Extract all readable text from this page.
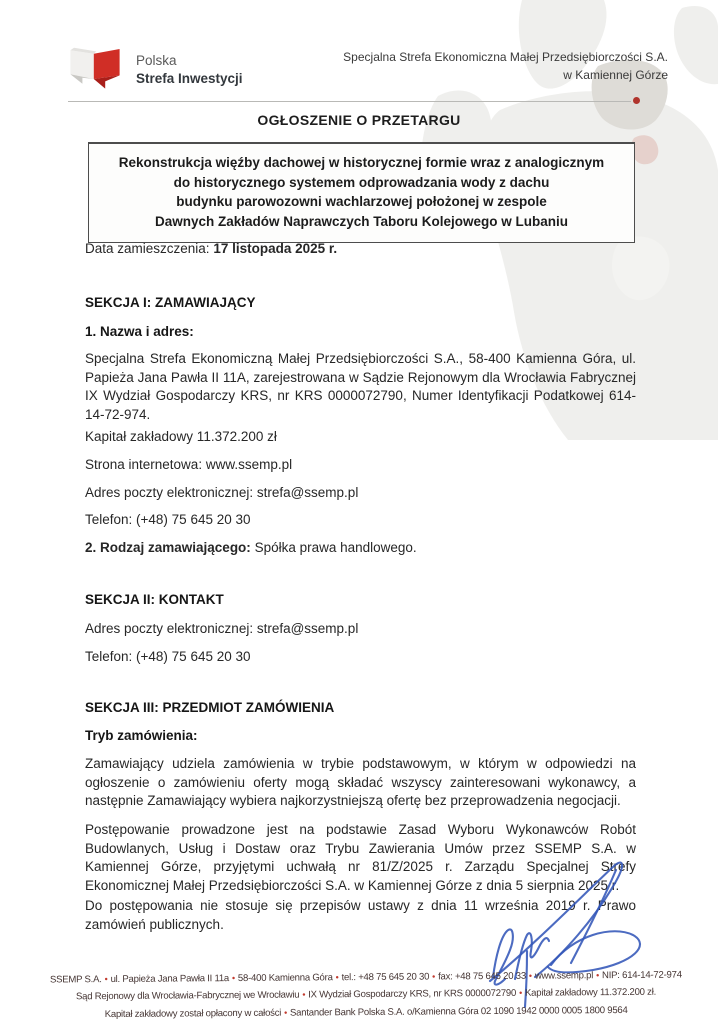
Polska
Strefa Inwestycji
Specjalna Strefa Ekonomiczna Małej Przedsiębiorczości S.A.
w Kamiennej Górze
OGŁOSZENIE O PRZETARGU
Rekonstrukcja więźby dachowej w historycznej formie wraz z analogicznym
do historycznego systemem odprowadzania wody z dachu
budynku parowozowni wachlarzowej położonej w zespole
Dawnych Zakładów Naprawczych Taboru Kolejowego w Lubaniu
Data zamieszczenia: 17 listopada 2025 r.
SEKCJA I: ZAMAWIAJĄCY
1. Nazwa i adres:
Specjalna Strefa Ekonomiczną Małej Przedsiębiorczości S.A., 58-400 Kamienna Góra, ul. Papieża Jana Pawła II 11A, zarejestrowana w Sądzie Rejonowym dla Wrocławia Fabrycznej IX Wydział Gospodarczy KRS, nr KRS 0000072790, Numer Identyfikacji Podatkowej 614-14-72-974.
Kapitał zakładowy 11.372.200 zł
Strona internetowa: www.ssemp.pl
Adres poczty elektronicznej: strefa@ssemp.pl
Telefon: (+48) 75 645 20 30
2. Rodzaj zamawiającego: Spółka prawa handlowego.
SEKCJA II: KONTAKT
Adres poczty elektronicznej: strefa@ssemp.pl
Telefon: (+48) 75 645 20 30
SEKCJA III: PRZEDMIOT ZAMÓWIENIA
Tryb zamówienia:
Zamawiający udziela zamówienia w trybie podstawowym, w którym w odpowiedzi na ogłoszenie o zamówieniu oferty mogą składać wszyscy zainteresowani wykonawcy, a następnie Zamawiający wybiera najkorzystniejszą ofertę bez przeprowadzenia negocjacji.
Postępowanie prowadzone jest na podstawie Zasad Wyboru Wykonawców Robót Budowlanych, Usług i Dostaw oraz Trybu Zawierania Umów przez SSEMP S.A. w Kamiennej Górze, przyjętymi uchwałą nr 81/Z/2025 r. Zarządu Specjalnej Strefy Ekonomicznej Małej Przedsiębiorczości S.A. w Kamiennej Górze z dnia 5 sierpnia 2025 r.
Do postępowania nie stosuje się przepisów ustawy z dnia 11 września 2019 r. Prawo zamówień publicznych.
SSEMP S.A. • ul. Papieża Jana Pawła II 11a • 58-400 Kamienna Góra • tel.: +48 75 645 20 30 • fax: +48 75 645 20 33 • www.ssemp.pl • NIP: 614-14-72-974
Sąd Rejonowy dla Wrocławia-Fabrycznej we Wrocławiu • IX Wydział Gospodarczy KRS, nr KRS 0000072790 • Kapitał zakładowy 11.372.200 zł.
Kapitał zakładowy został opłacony w całości • Santander Bank Polska S.A. o/Kamienna Góra 02 1090 1942 0000 0005 1800 9564
